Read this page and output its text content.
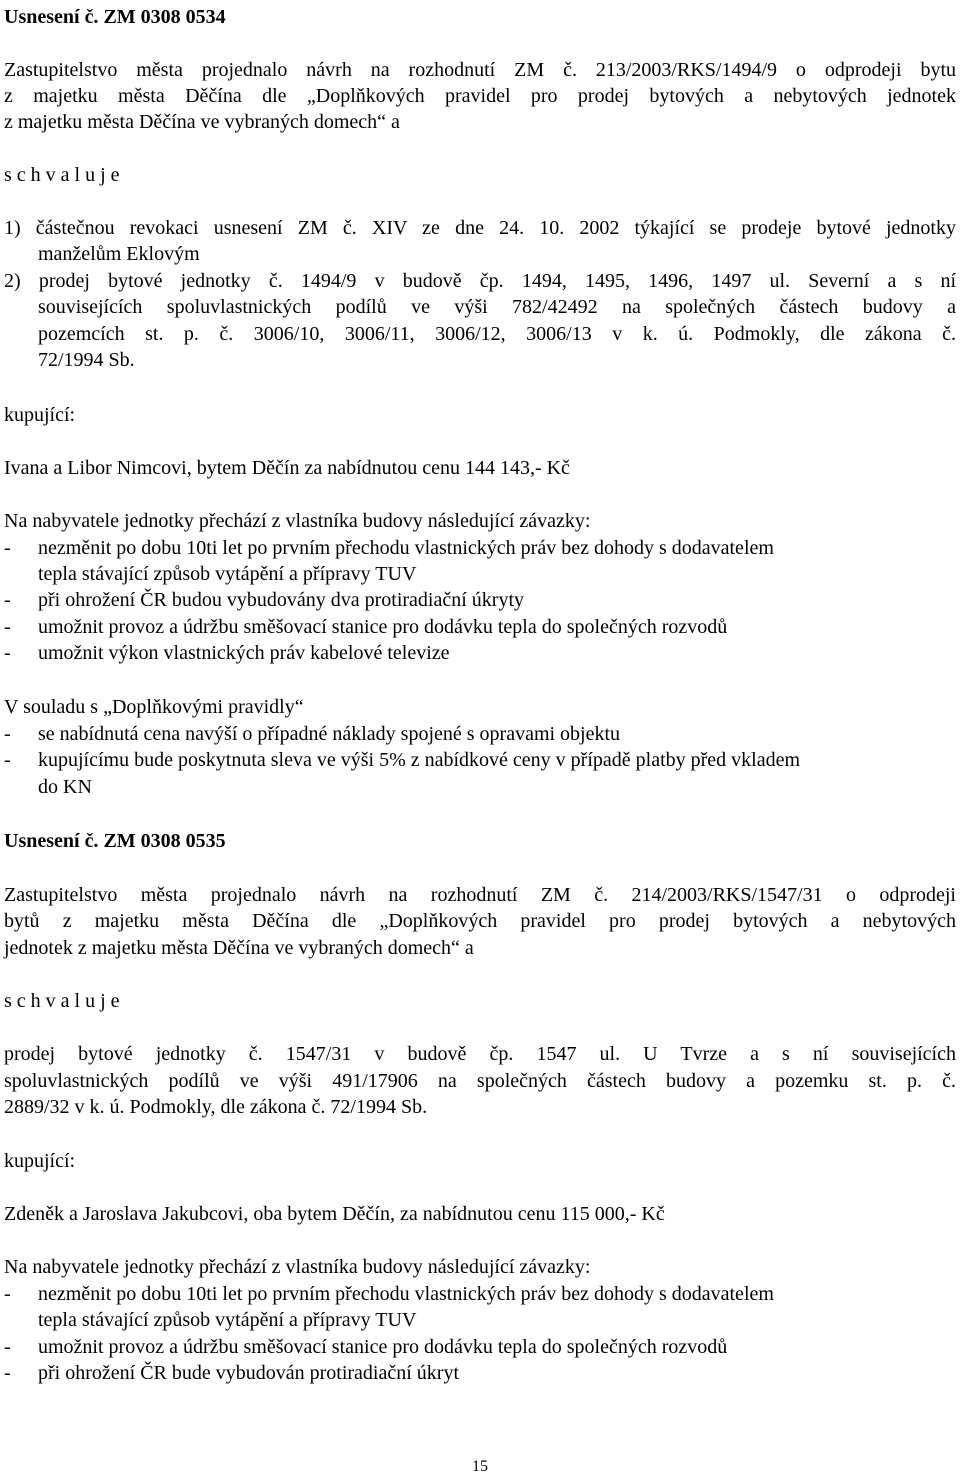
Usnesení č. ZM 0308 0534
Zastupitelstvo města projednalo návrh na rozhodnutí ZM č. 213/2003/RKS/1494/9 o odprodeji bytu
z majetku města Děčína dle „Doplňkových pravidel pro prodej bytových a nebytových jednotek
z majetku města Děčína ve vybraných domech“ a
s c h v a l u j e
1) částečnou revokaci usnesení ZM č. XIV ze dne 24. 10. 2002 týkající se prodeje bytové jednotky
manželům Eklovým
2) prodej bytové jednotky č. 1494/9 v budově čp. 1494, 1495, 1496, 1497 ul. Severní a s ní
souvisejících spoluvlastnických podílů ve výši 782/42492 na společných částech budovy a
pozemcích st. p. č. 3006/10, 3006/11, 3006/12, 3006/13 v k. ú. Podmokly, dle zákona č.
72/1994 Sb.
kupující:
Ivana a Libor Nimcovi, bytem Děčín za nabídnutou cenu 144 143,- Kč
Na nabyvatele jednotky přechází z vlastníka budovy následující závazky:
- nezměnit po dobu 10ti let po prvním přechodu vlastnických práv bez dohody s dodavatelem
tepla stávající způsob vytápění a přípravy TUV
- při ohrožení ČR budou vybudovány dva protiradiační úkryty
- umožnit provoz a údržbu směšovací stanice pro dodávku tepla do společných rozvodů
- umožnit výkon vlastnických práv kabelové televize
V souladu s „Doplňkovými pravidly“
- se nabídnutá cena navýší o případné náklady spojené s opravami objektu
- kupujícímu bude poskytnuta sleva ve výši 5% z nabídkové ceny v případě platby před vkladem
do KN
Usnesení č. ZM 0308 0535
Zastupitelstvo města projednalo návrh na rozhodnutí ZM č. 214/2003/RKS/1547/31 o odprodeji
bytů z majetku města Děčína dle „Doplňkových pravidel pro prodej bytových a nebytových
jednotek z majetku města Děčína ve vybraných domech“ a
s c h v a l u j e
prodej bytové jednotky č. 1547/31 v budově čp. 1547 ul. U Tvrze a s ní souvisejících
spoluvlastnických podílů ve výši 491/17906 na společných částech budovy a pozemku st. p. č.
2889/32 v k. ú. Podmokly, dle zákona č. 72/1994 Sb.
kupující:
Zdeněk a Jaroslava Jakubcovi, oba bytem Děčín, za nabídnutou cenu 115 000,- Kč
Na nabyvatele jednotky přechází z vlastníka budovy následující závazky:
- nezměnit po dobu 10ti let po prvním přechodu vlastnických práv bez dohody s dodavatelem
tepla stávající způsob vytápění a přípravy TUV
- umožnit provoz a údržbu směšovací stanice pro dodávku tepla do společných rozvodů
- při ohrožení ČR bude vybudován protiradiační úkryt
15
